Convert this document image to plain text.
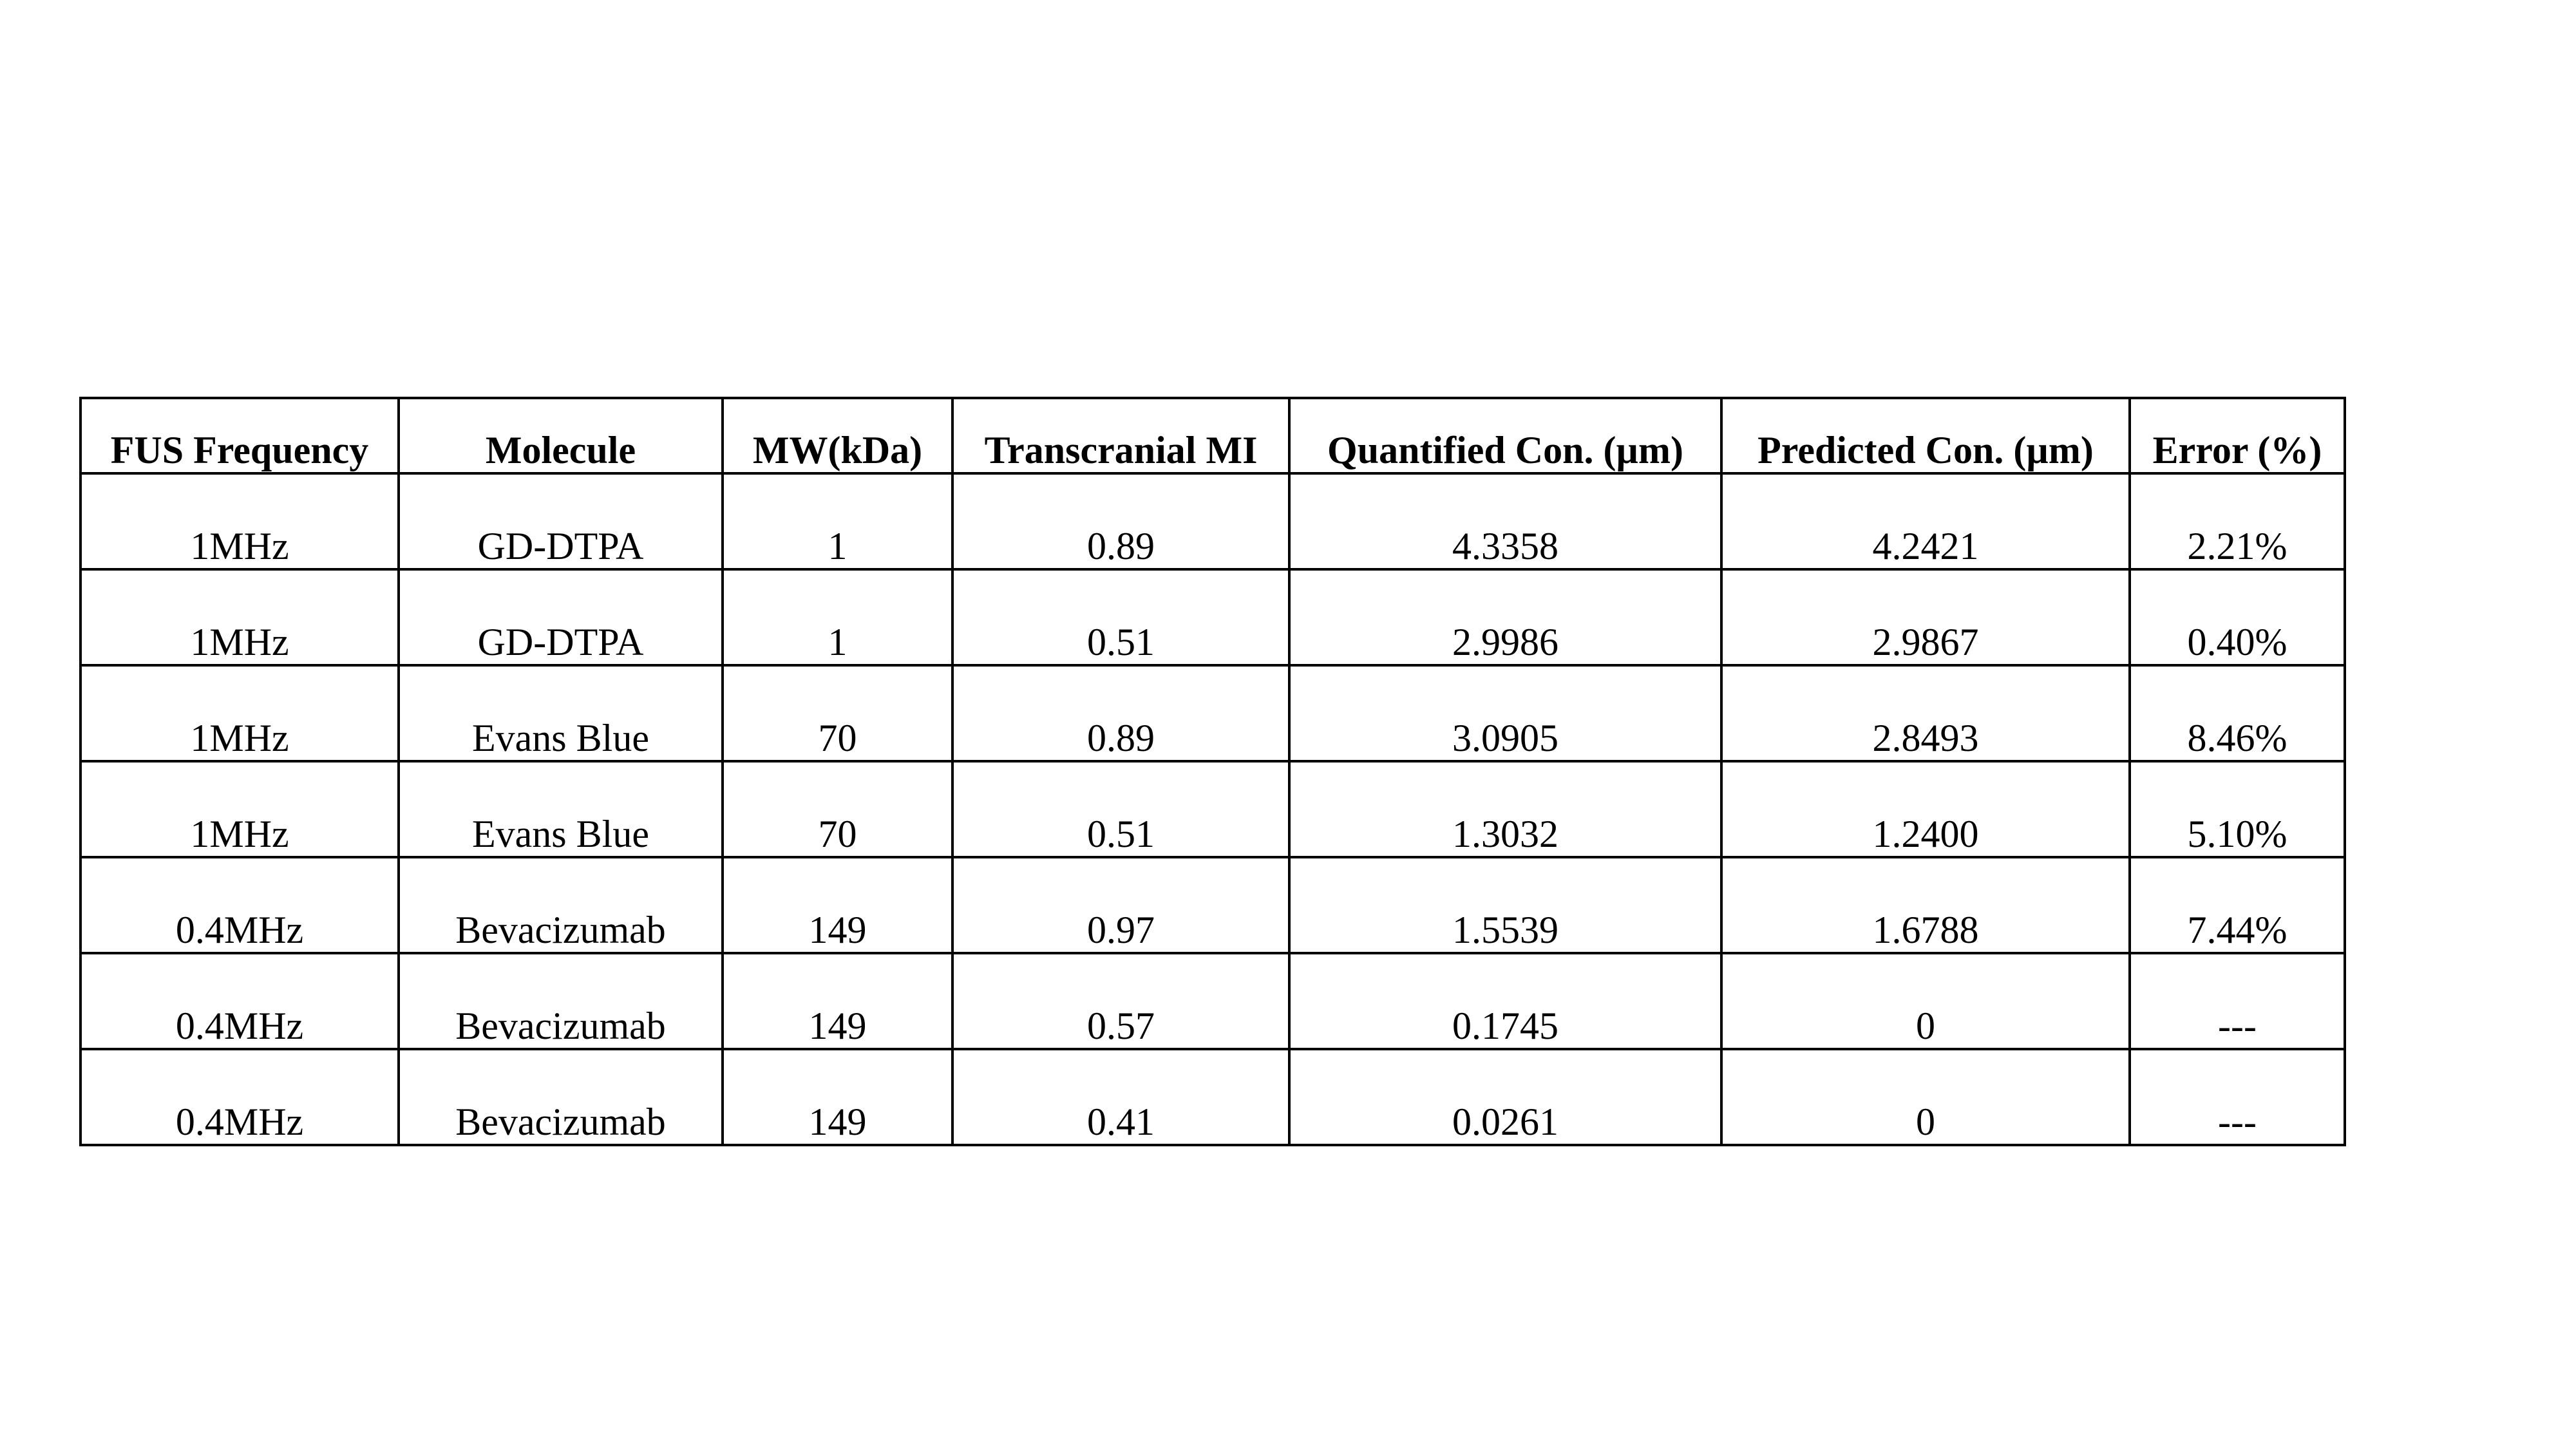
FUS Frequency	Molecule	MW(kDa)	Transcranial MI	Quantified Con. (µm)	Predicted Con. (µm)	Error (%)
1MHz	GD-DTPA	1	0.89	4.3358	4.2421	2.21%
1MHz	GD-DTPA	1	0.51	2.9986	2.9867	0.40%
1MHz	Evans Blue	70	0.89	3.0905	2.8493	8.46%
1MHz	Evans Blue	70	0.51	1.3032	1.2400	5.10%
0.4MHz	Bevacizumab	149	0.97	1.5539	1.6788	7.44%
0.4MHz	Bevacizumab	149	0.57	0.1745	0	---
0.4MHz	Bevacizumab	149	0.41	0.0261	0	---
